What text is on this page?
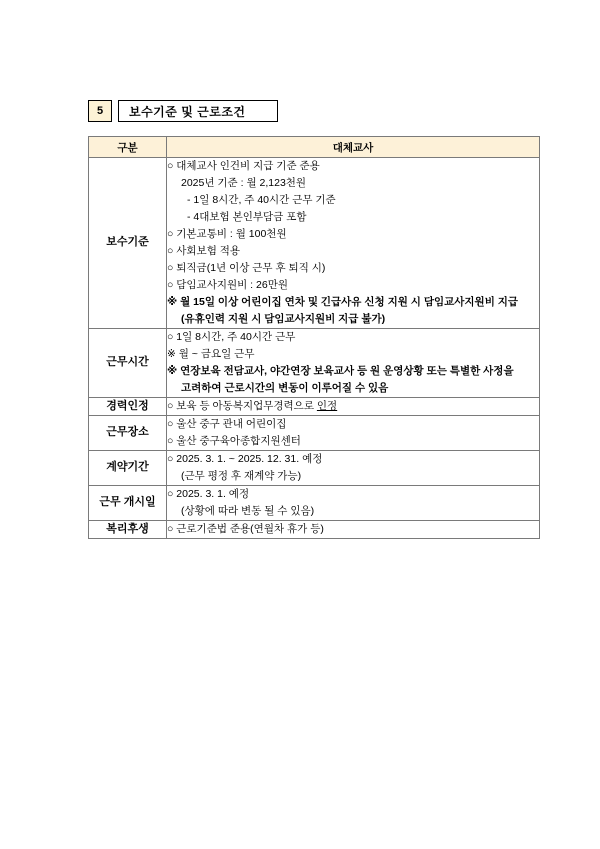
5	보수기준 및 근로조건
구분	대체교사
보수기준	
○ 대체교사 인건비 지급 기준 준용
2025년 기준 : 월 2,123천원
- 1일 8시간, 주 40시간 근무 기준
- 4대보험 본인부담금 포함
○ 기본교통비 : 월 100천원
○ 사회보험 적용
○ 퇴직금(1년 이상 근무 후 퇴직 시)
○ 담임교사지원비 : 26만원
※ 월 15일 이상 어린이집 연차 및 긴급사유 신청 지원 시 담임교사지원비 지급
(유휴인력 지원 시 담임교사지원비 지급 불가)

근무시간	○ 1일 8시간, 주 40시간 근무
※ 월 ~ 금요일 근무
※ 연장보육 전담교사, 야간연장 보육교사 등 원 운영상황 또는 특별한 사정을
고려하여 근로시간의 변동이 이루어질 수 있음

경력인정	○ 보육 등 아동복지업무경력으로 인정

근무장소	○ 울산 중구 관내 어린이집
○ 울산 중구육아종합지원센터

계약기간	○ 2025. 3. 1. ~ 2025. 12. 31. 예정
(근무 평정 후 재계약 가능)

근무 개시일	○ 2025. 3. 1. 예정
(상황에 따라 변동 될 수 있음)

복리후생	○ 근로기준법 준용(연월차 휴가 등)
